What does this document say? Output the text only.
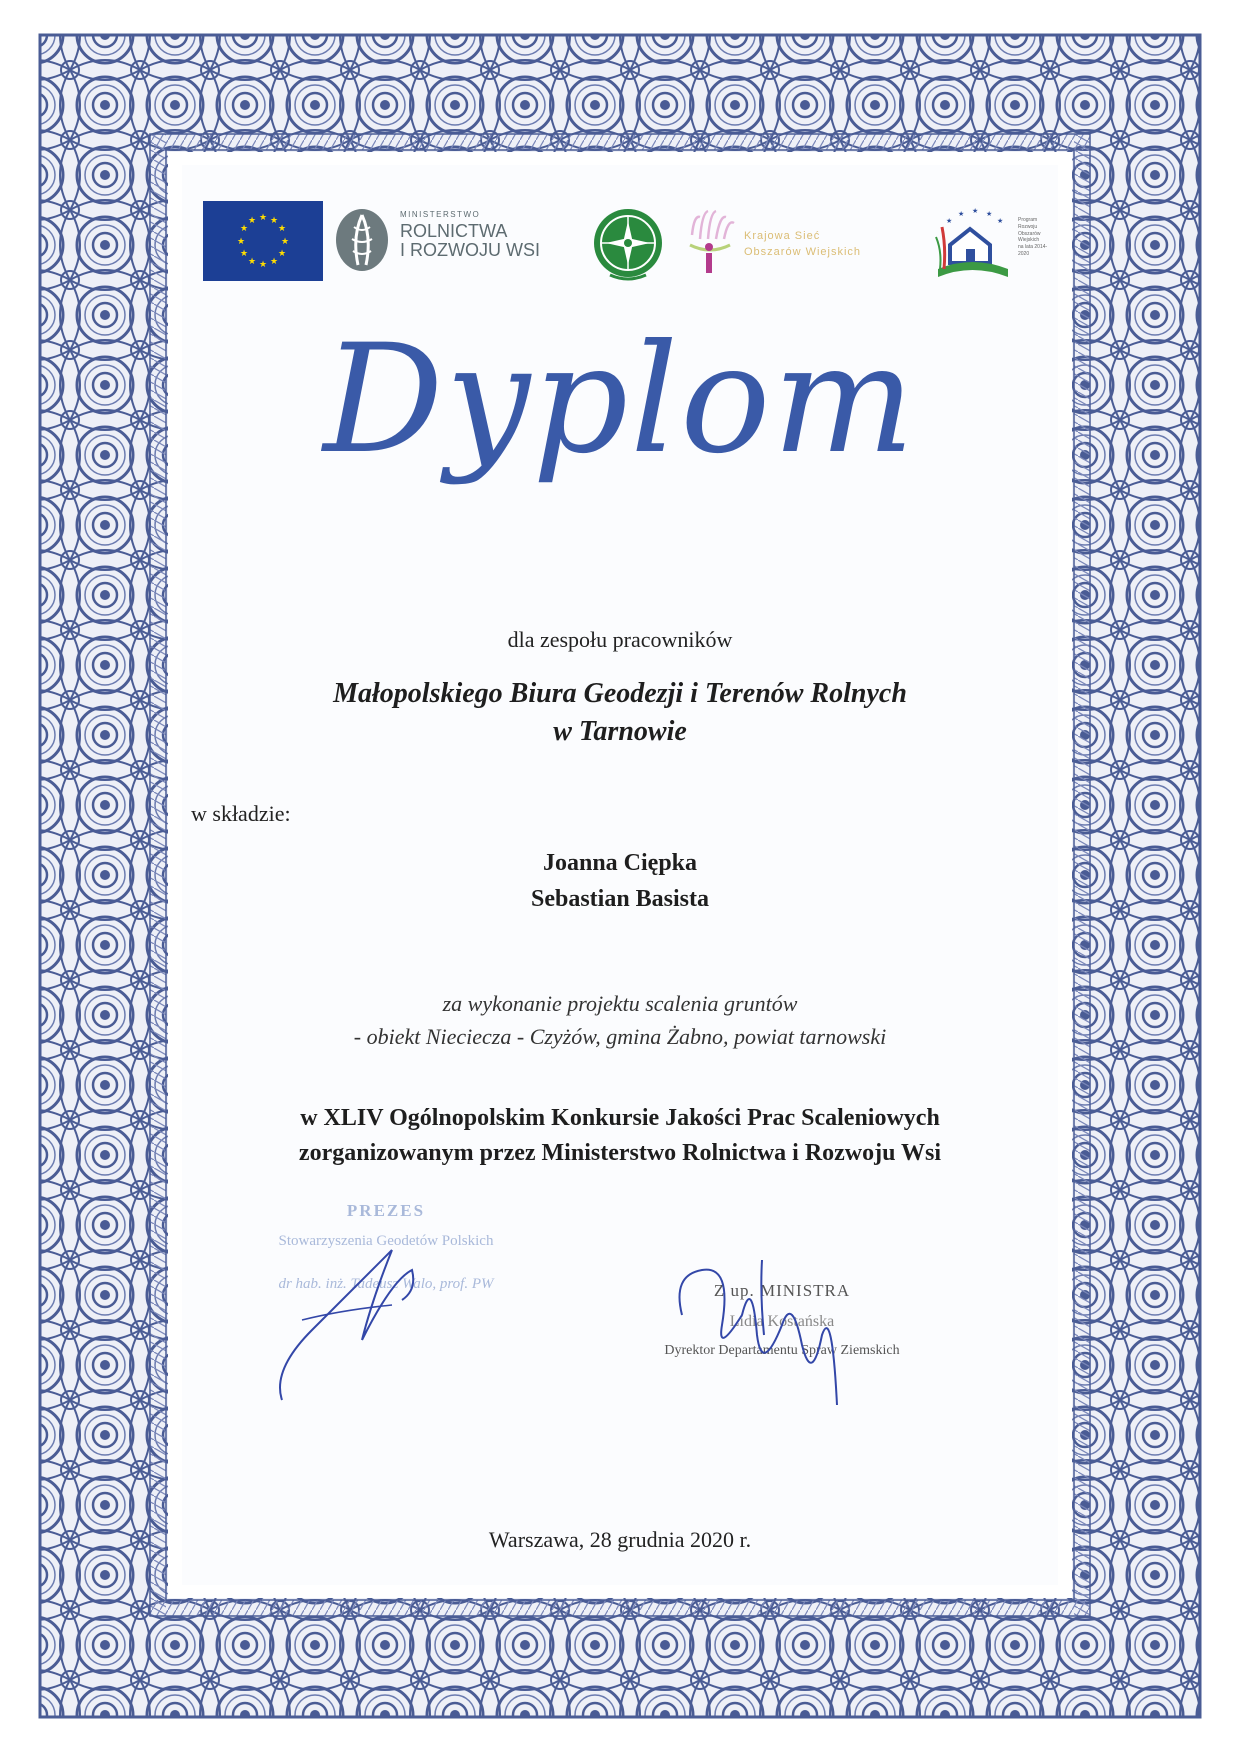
★ ★
★
★
★
★
★
★
★
★
★
★
MINISTERSTWO
ROLNICTWA
I ROZWOJU WSI
Krajowa Sieć
Obszarów Wiejskich
★
★ ★ ★
★	Program
Rozwoju
Obszarów
Wiejskich
na lata 2014-2020
Dyplom
dla zespołu pracowników
Małopolskiego Biura Geodezji i Terenów Rolnych
w Tarnowie
w składzie:
Joanna Ciępka
Sebastian Basista
za wykonanie projektu scalenia gruntów
- obiekt Nieciecza - Czyżów, gmina Żabno, powiat tarnowski
w XLIV Ogólnopolskim Konkursie Jakości Prac Scaleniowych
zorganizowanym przez Ministerstwo Rolnictwa i Rozwoju Wsi
PREZES
Stowarzyszenia Geodetów Polskich
dr hab. inż. Tadeusz Walo, prof. PW	Z up. MINISTRA
Lidia Kostańska
Dyrektor Departamentu Spraw Ziemskich
Warszawa, 28 grudnia 2020 r.
